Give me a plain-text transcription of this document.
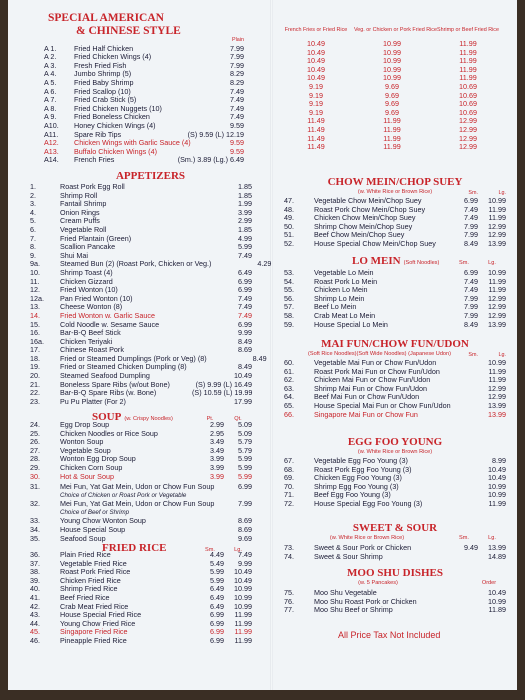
SPECIAL AMERICAN
& CHINESE STYLE
Plain
A 1.	Fried Half Chicken	7.99
A 2.	Fried Chicken Wings (4)	7.99
A 3.	Fresh Fried Fish	7.99
A 4.	Jumbo Shrimp (5)	8.29
A 5.	Fried Baby Shrimp	8.29
A 6.	Fried Scallop (10)	7.49
A 7.	Fried Crab Stick (5)	7.49
A 8.	Fried Chicken Nuggets (10)	7.49
A 9.	Fried Boneless Chicken	7.49
A10.	Honey Chicken Wings (4)	9.59
A11.	Spare Rib Tips	(S) 9.59 (L) 12.19
A12.	Chicken Wings with Garlic Sauce (4)	9.59
A13.	Buffalo Chicken Wings (4)	9.59
A14.	French Fries	(Sm.) 3.89 (Lg.) 6.49
French Fries or Fried Rice	Veg. or Chicken or Pork Fried Rice Shrimp or Beef Fried Rice
10.49	10.99	11.99
10.49	10.99	11.99
10.49	10.99	11.99
10.49	10.99	11.99
10.49	10.99	11.99
9.19	9.69	10.69
9.19	9.69	10.69
9.19	9.69	10.69
9.19	9.69	10.69
11.49	11.99	12.99
11.49	11.99	12.99
11.49	11.99	12.99
11.49	11.99	12.99
APPETIZERS
1.	Roast Pork Egg Roll	1.85
2.	Shrimp Roll	1.85
3.	Fantail Shrimp	1.99
4.	Onion Rings	3.99
5.	Cream Puffs	2.99
6.	Vegetable Roll	1.85
7.	Fried Plantain (Green)	4.99
8.	Scallion Pancake	5.99
9.	Shui Mai	7.49
9a.	Steamed Bun (2) (Roast Pork, Chicken or Veg.)	4.29
10.	Shrimp Toast (4)	6.49
11.	Chicken Gizzard	6.99
12.	Fried Wonton (10)	6.99
12a.	Pan Fried Wonton (10)	7.49
13.	Cheese Wonton (8)	7.49
14.	Fried Wonton w. Garlic Sauce	7.49
15.	Cold Noodle w. Sesame Sauce	6.99
16.	Bar-B-Q Beef Stick	9.99
16a.	Chicken Teriyaki	8.49
17.	Chinese Roast Pork	8.69
18.	Fried or Steamed Dumplings (Pork or Veg) (8)	8.49
19.	Fried or Steamed Chicken Dumpling (8)	8.49
20.	Steamed Seafood Dumpling	10.49
21.	Boneless Spare Ribs (w/out Bone)	(S) 9.99 (L) 16.49
22.	Bar-B-Q Spare Ribs (w. Bone)	(S) 10.59 (L) 19.99
23.	Pu Pu Platter (For 2)	17.99
SOUP (w. Crispy Noodles)	Pt.	Qt.
24.	Egg Drop Soup	2.99	5.09
25.	Chicken Noodles or Rice Soup	2.95	5.09
26.	Wonton Soup	3.49	5.79
27.	Vegetable Soup	3.49	5.79
28.	Wonton Egg Drop Soup	3.99	5.99
29.	Chicken Corn Soup	3.99	5.99
30.	Hot & Sour Soup	3.99	5.99
31.	Mei Fun, Yat Gat Mein, Udon or Chow Fun Soup	6.99
Choice of Chicken or Roast Pork or Vegetable
32.	Mei Fun, Yat Gat Mein, Udon or Chow Fun Soup	7.99
Choice of Beef or Shrimp
33.	Young Chow Wonton Soup	8.69
34.	House Special Soup	8.69
35.	Seafood Soup	9.69
FRIED RICE	Sm.	Lg.
36.	Plain Fried Rice	4.49	7.49
37.	Vegetable Fried Rice	5.49	9.99
38.	Roast Pork Fried Rice	5.99	10.49
39.	Chicken Fried Rice	5.99	10.49
40.	Shrimp Fried Rice	6.49	10.99
41.	Beef Fried Rice	6.49	10.99
42.	Crab Meat Fried Rice	6.49	10.99
43.	House Special Fried Rice	6.99	11.99
44.	Young Chow Fried Rice	6.99	11.99
45.	Singapore Fried Rice	6.99	11.99
46.	Pineapple Fried Rice	6.99	11.99
CHOW MEIN/CHOP SUEY
(w. White Rice or Brown Rice)	Sm.	Lg.
47.	Vegetable Chow Mein/Chop Suey	6.99	10.99
48.	Roast Pork Chow Mein/Chop Suey	7.49	11.99
49.	Chicken Chow Mein/Chop Suey	7.49	11.99
50.	Shrimp Chow Mein/Chop Suey	7.99	12.99
51.	Beef Chow Mein/Chop Suey	7.99	12.99
52.	House Special Chow Mein/Chop Suey	8.49	13.99
LO MEIN (Soft Noodles)	Sm.	Lg.
53.	Vegetable Lo Mein	6.99	10.99
54.	Roast Pork Lo Mein	7.49	11.99
55.	Chicken Lo Mein	7.49	11.99
56.	Shrimp Lo Mein	7.99	12.99
57.	Beef Lo Mein	7.99	12.99
58.	Crab Meat Lo Mein	7.99	12.99
59.	House Special Lo Mein	8.49	13.99
MAI FUN/CHOW FUN/UDON
(Soft Rice Noodles)(Soft Wide Noodles) (Japanese Udon)	Sm.	Lg.
60.	Vegetable Mai Fun or Chow Fun/Udon	10.99
61.	Roast Pork Mai Fun or Chow Fun/Udon	11.99
62.	Chicken Mai Fun or Chow Fun/Udon	11.99
63.	Shrimp Mai Fun or Chow Fun/Udon	12.99
64.	Beef Mai Fun or Chow Fun/Udon	12.99
65.	House Special Mai Fun or Chow Fun/Udon	13.99
66.	Singapore Mai Fun or Chow Fun	13.99
EGG FOO YOUNG
(w. White Rice or Brown Rice)
67.	Vegetable Egg Foo Young (3)	8.99
68.	Roast Pork Egg Foo Young (3)	10.49
69.	Chicken Egg Foo Young (3)	10.49
70.	Shrimp Egg Foo Young (3)	10.99
71.	Beef Egg Foo Young (3)	10.99
72.	House Special Egg Foo Young (3)	11.99
SWEET & SOUR
(w. White Rice or Brown Rice)	Sm.	Lg.
73.	Sweet & Sour Pork or Chicken	9.49	13.99
74.	Sweet & Sour Shrimp	14.89
MOO SHU DISHES
(w. 5 Pancakes)	Order
75.	Moo Shu Vegetable	10.49
76.	Moo Shu Roast Pork or Chicken	10.99
77.	Moo Shu Beef or Shrimp	11.89
All Price Tax Not Included
